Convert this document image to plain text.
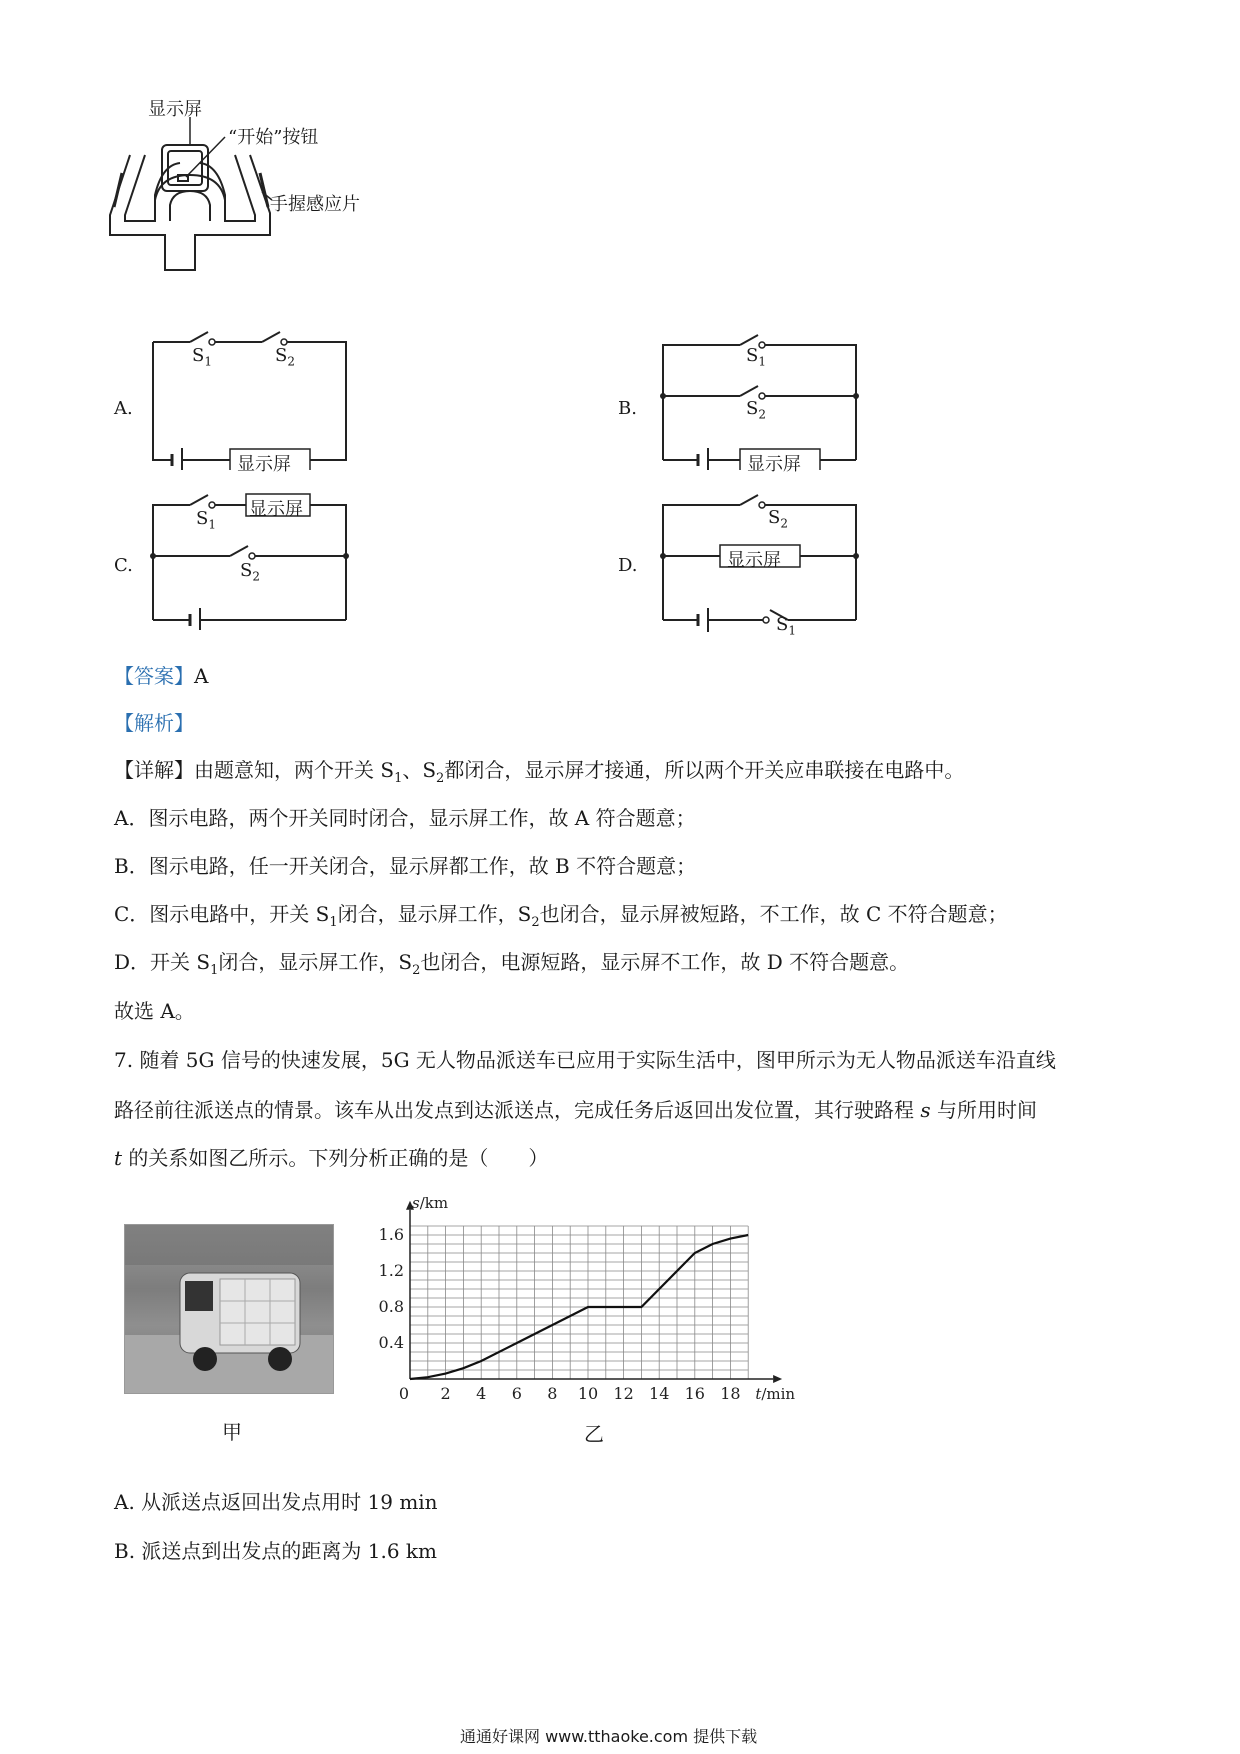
显示屏
“开始”按钮
手握感应片
A.
$S_1$	$S_2$
显示屏
B.
$S_1$
$S_2$
显示屏
C.
$S_1$
$S_2$
显示屏
D.
$S_2$
$S_1$
显示屏
【答案】A
【解析】
【详解】由题意知，两个开关 $S_1$、$S_2$都闭合，显示屏才接通，所以两个开关应串联接在电路中。
A．图示电路，两个开关同时闭合，显示屏工作，故 A 符合题意；
B．图示电路，任一开关闭合，显示屏都工作，故 B 不符合题意；
C．图示电路中，开关 $S_1$闭合，显示屏工作，$S_2$也闭合，显示屏被短路，不工作，故 C 不符合题意；
D．开关 $S_1$闭合，显示屏工作，$S_2$也闭合，电源短路，显示屏不工作，故 D 不符合题意。
故选 A。
7. 随着 5G 信号的快速发展，5G 无人物品派送车已应用于实际生活中，图甲所示为无人物品派送车沿直线
路径前往派送点的情景。该车从出发点到达派送点，完成任务后返回出发位置，其行驶路程 s 与所用时间
t 的关系如图乙所示。下列分析正确的是（　　）
甲
0 2 4 6 8 10 12 14 16 18
0.4
0.8
1.2
1.6
s/km
t/min
乙
A. 从派送点返回出发点用时 19 min
B. 派送点到出发点的距离为 1.6 km
通通好课网 www.tthaoke.com 提供下载
